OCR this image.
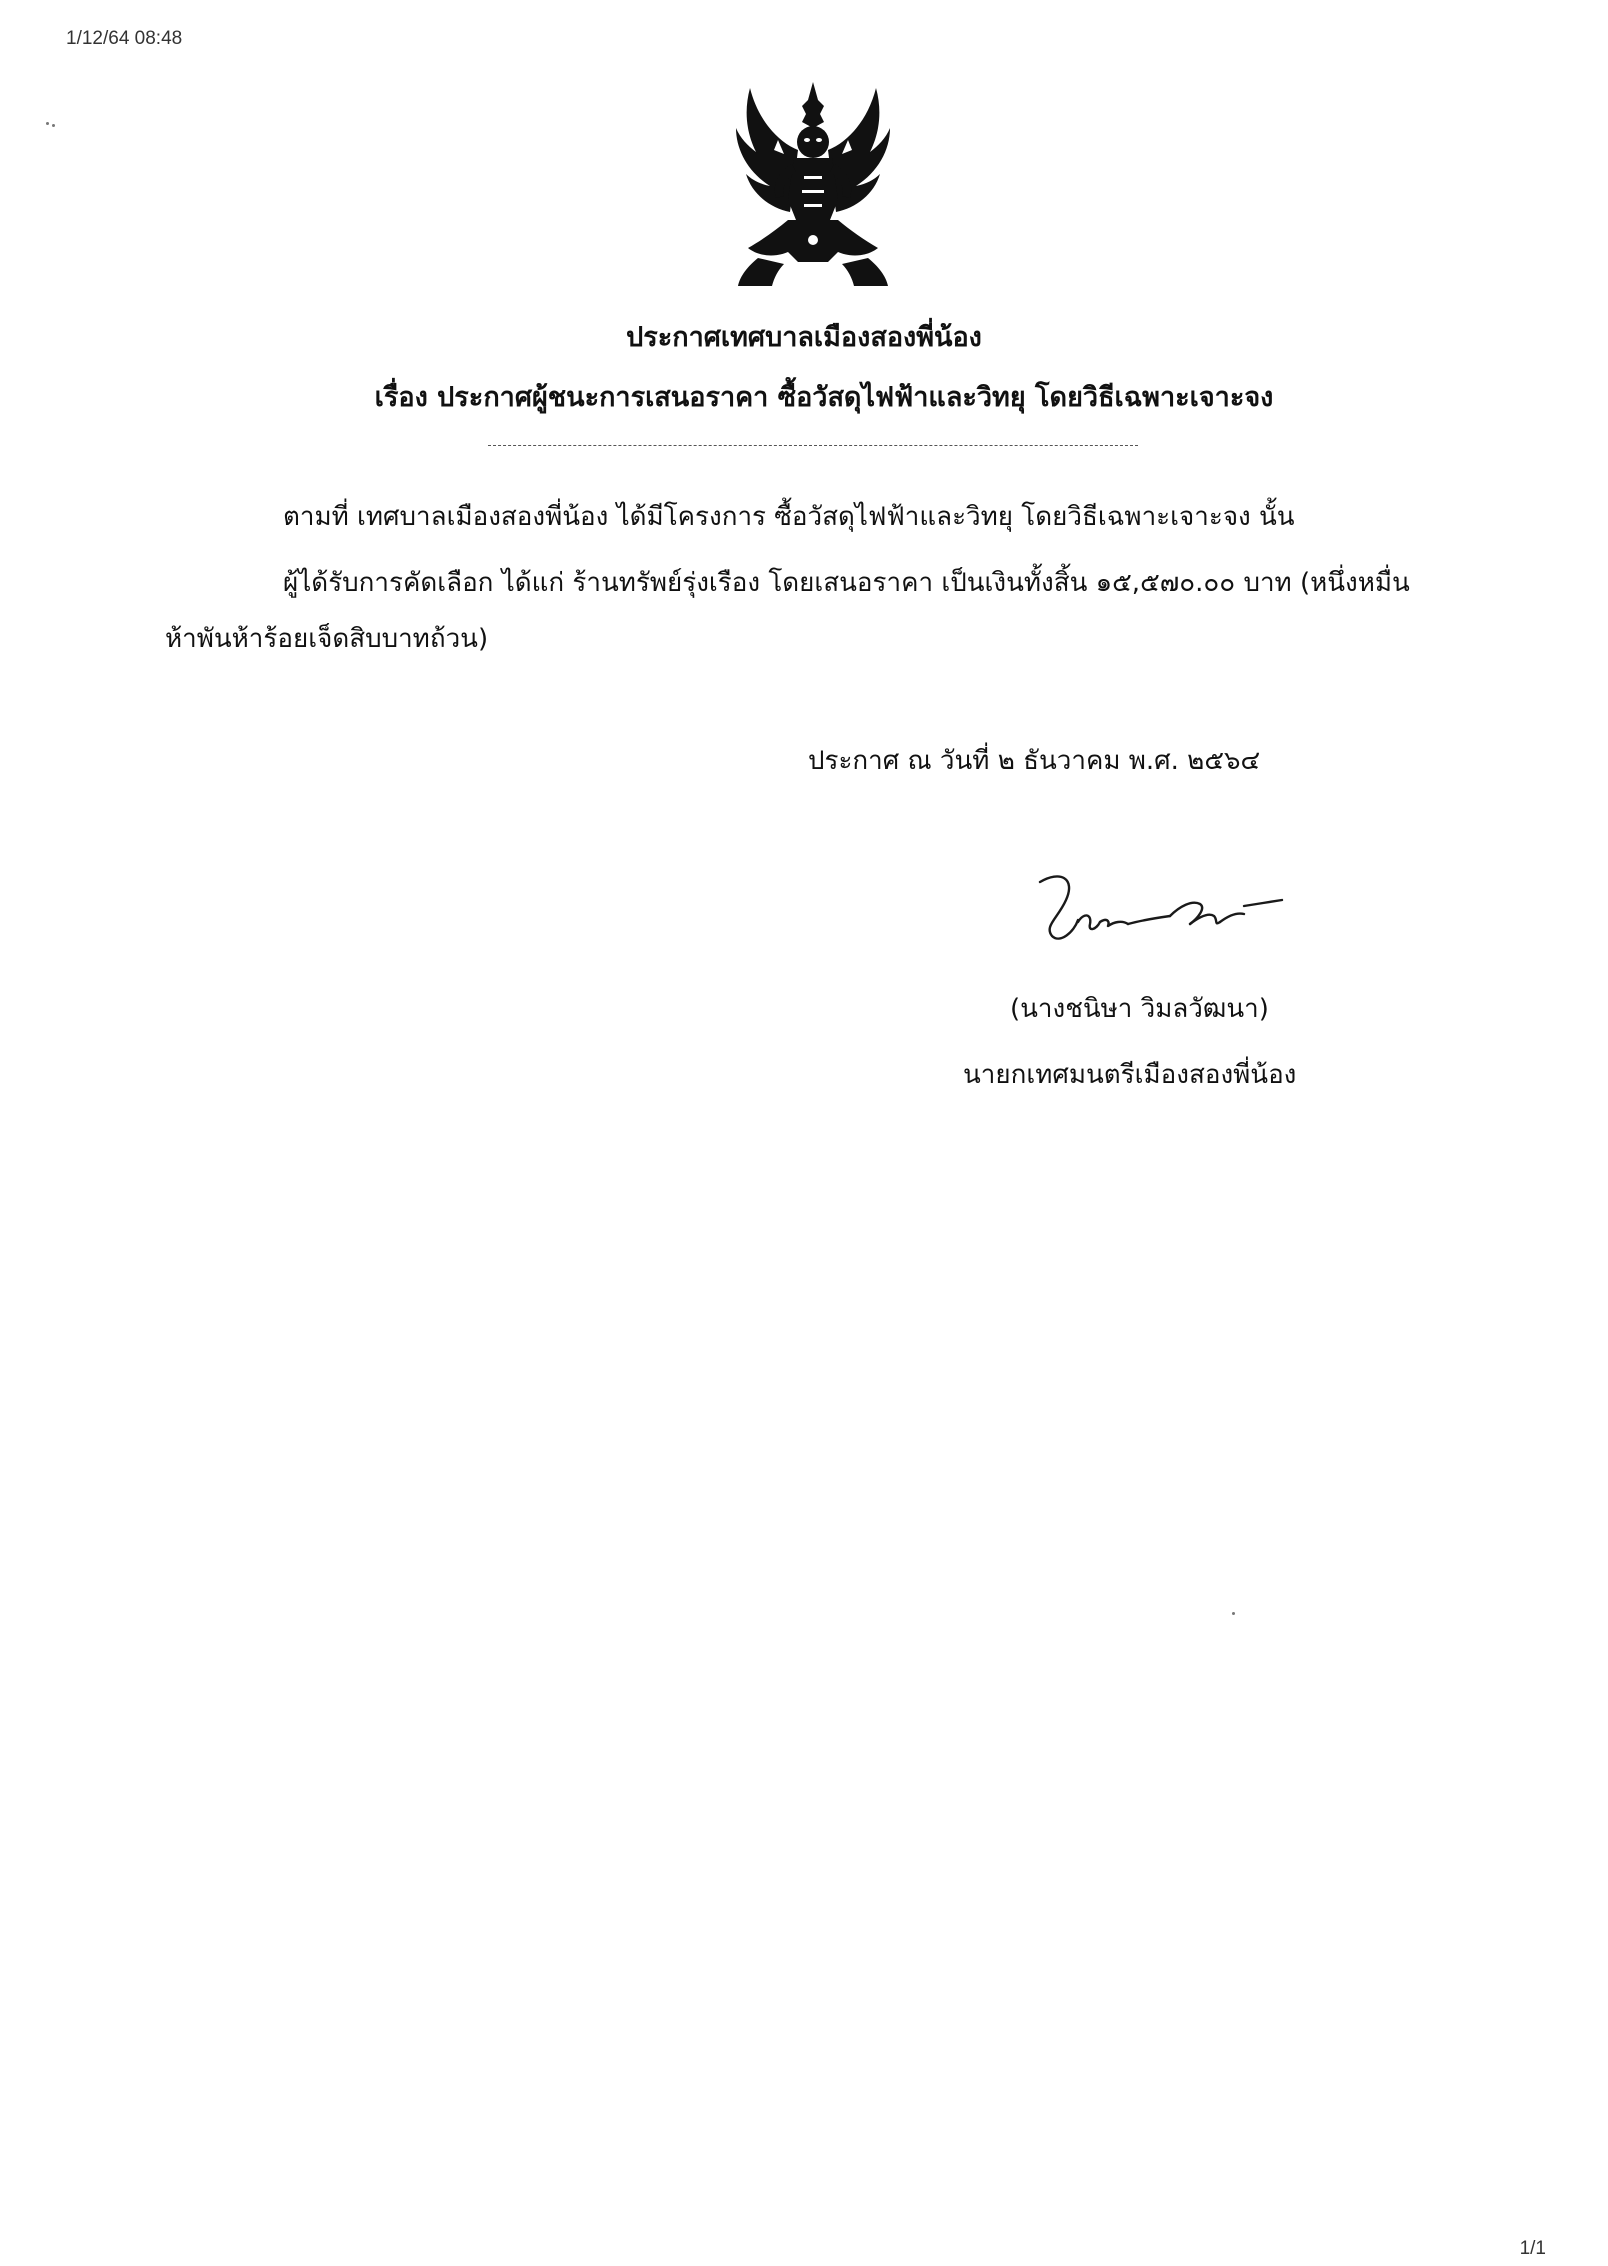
1/12/64 08:48
ประกาศเทศบาลเมืองสองพี่น้อง
เรื่อง ประกาศผู้ชนะการเสนอราคา ซื้อวัสดุไฟฟ้าและวิทยุ โดยวิธีเฉพาะเจาะจง
ตามที่ เทศบาลเมืองสองพี่น้อง ได้มีโครงการ ซื้อวัสดุไฟฟ้าและวิทยุ โดยวิธีเฉพาะเจาะจง นั้น
ผู้ได้รับการคัดเลือก ได้แก่ ร้านทรัพย์รุ่งเรือง โดยเสนอราคา เป็นเงินทั้งสิ้น ๑๕,๕๗๐.๐๐ บาท (หนึ่งหมื่น
ห้าพันห้าร้อยเจ็ดสิบบาทถ้วน)
ประกาศ ณ วันที่ ๒ ธันวาคม พ.ศ. ๒๕๖๔
(นางชนิษา วิมลวัฒนา)
นายกเทศมนตรีเมืองสองพี่น้อง
1/1
